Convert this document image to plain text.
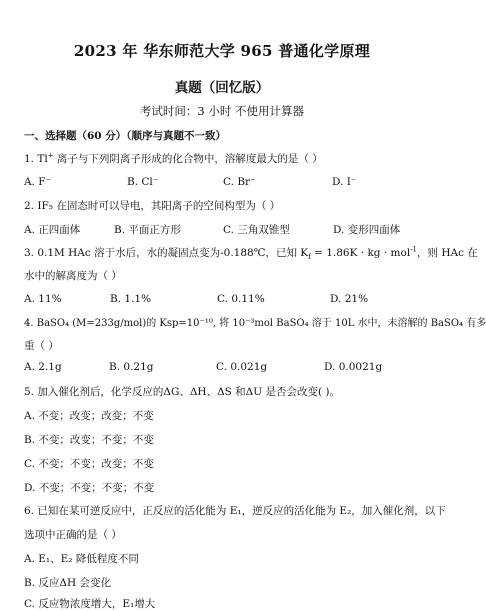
2023 年 华东师范大学 965 普通化学原理
真题（回忆版）
考试时间：3 小时 不使用计算器
一、选择题（60 分）（顺序与真题不一致）
1. Tl+ 离子与下列阴离子形成的化合物中，溶解度最大的是（ ）
A. F⁻	B. Cl⁻	C. Br⁻	D. I⁻
2. IF₅ 在固态时可以导电，其阳离子的空间构型为（ ）
A. 正四面体	B. 平面正方形	C. 三角双锥型	D. 变形四面体
3. 0.1M HAc 溶于水后，水的凝固点变为-0.188℃，已知 $K_f = 1.86K$ · kg · mol$^{-1}$，则 HAc 在
水中的解离度为（ ）
A. 11%	B. 1.1%	C. 0.11%	D. 21%
4. BaSO₄ (M=233g/mol)的 Ksp=10⁻¹⁰, 将 10⁻³mol BaSO₄ 溶于 10L 水中，未溶解的 BaSO₄ 有多
重（ ）
A. 2.1g	B. 0.21g	C. 0.021g	D. 0.0021g
5. 加入催化剂后，化学反应的ΔG、ΔH、ΔS 和ΔU 是否会改变( )。
A. 不变；改变；改变；不变
B. 不变；改变；不变；不变
C. 不变；不变；改变；不变
D. 不变；不变；不变；不变
6. 已知在某可逆反应中，正反应的活化能为 E₁，逆反应的活化能为 E₂，加入催化剂，以下
选项中正确的是（ ）
A. E₁、E₂ 降低程度不同
B. 反应ΔH 会变化
C. 反应物浓度增大，E₁增大
